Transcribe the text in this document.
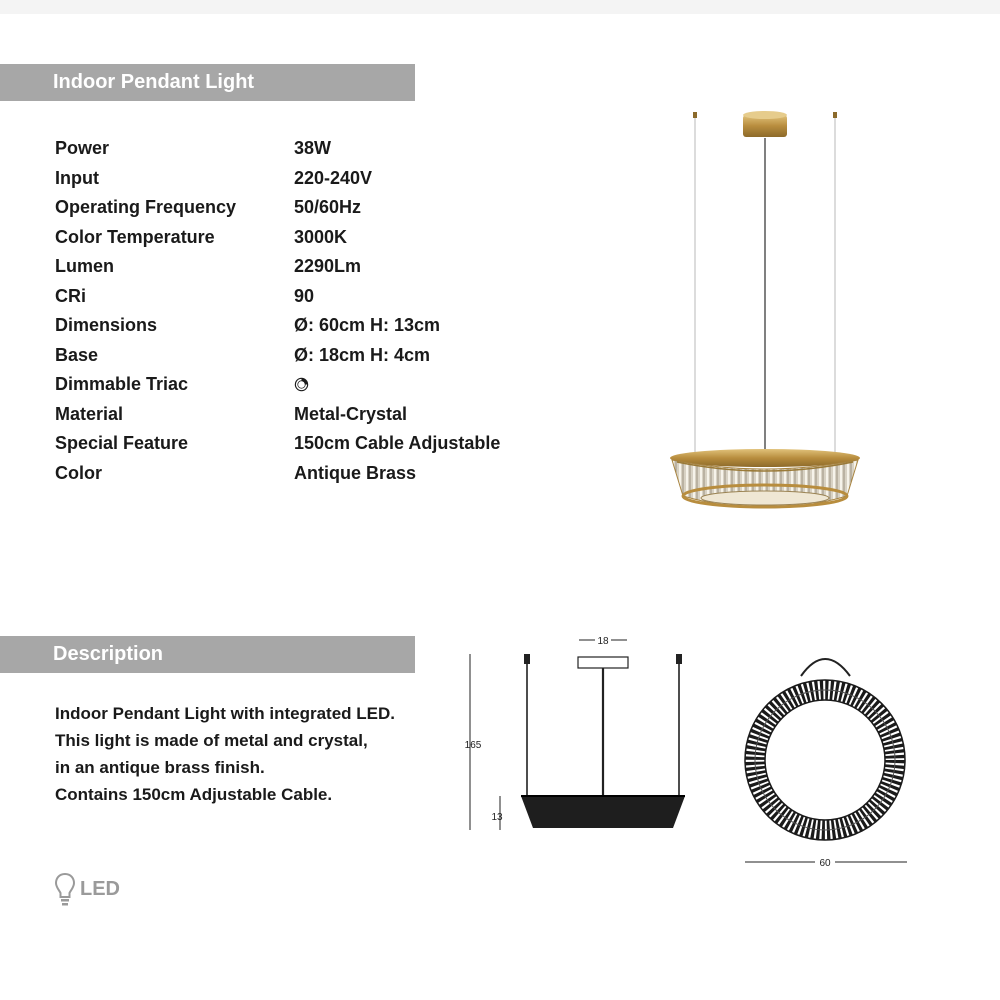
Indoor Pendant Light
Power	38W
Input	220-240V
Operating Frequency	50/60Hz
Color Temperature	3000K
Lumen	2290Lm
CRi	90
Dimensions	Ø: 60cm H: 13cm
Base	Ø: 18cm H: 4cm
Dimmable Triac
Material	Metal-Crystal
Special Feature	150cm Cable Adjustable
Color	Antique Brass
Description
Indoor Pendant Light with integrated LED.
This light is made of metal and crystal,
in an antique brass finish.
Contains 150cm Adjustable Cable.
LED
18
165
13
60
